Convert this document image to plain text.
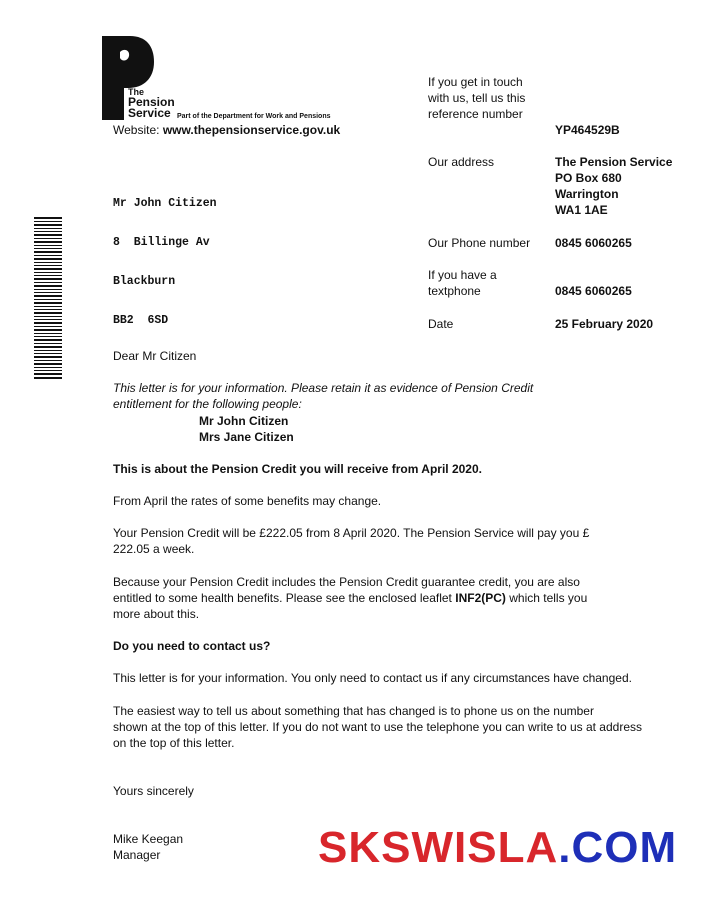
The
Pension
Service Part of the Department for Work and Pensions
Website: www.thepensionservice.gov.uk

Mr John Citizen

8  Billinge Av

Blackburn

BB2  6SD

If you get in touch
with us, tell us this
reference number
YP464529B
Our address	The Pension Service
PO Box 680
Warrington
WA1 1AE
Our Phone number 0845 6060265
If you have a
textphone	0845 6060265
Date	25 February 2020
Dear Mr Citizen
This letter is for your information. Please retain it as evidence of Pension Credit
entitlement for the following people:
Mr John Citizen
Mrs Jane Citizen
This is about the Pension Credit you will receive from April 2020.
From April the rates of some benefits may change.
Your Pension Credit will be £222.05 from 8 April 2020. The Pension Service will pay you £
222.05 a week.
Because your Pension Credit includes the Pension Credit guarantee credit, you are also
entitled to some health benefits. Please see the enclosed leaflet INF2(PC) which tells you
more about this.
Do you need to contact us?
This letter is for your information. You only need to contact us if any circumstances have changed.
The easiest way to tell us about something that has changed is to phone us on the number
shown at the top of this letter. If you do not want to use the telephone you can write to us at address
on the top of this letter.
Yours sincerely
Mike Keegan
Manager	SKSWISLA.COM
